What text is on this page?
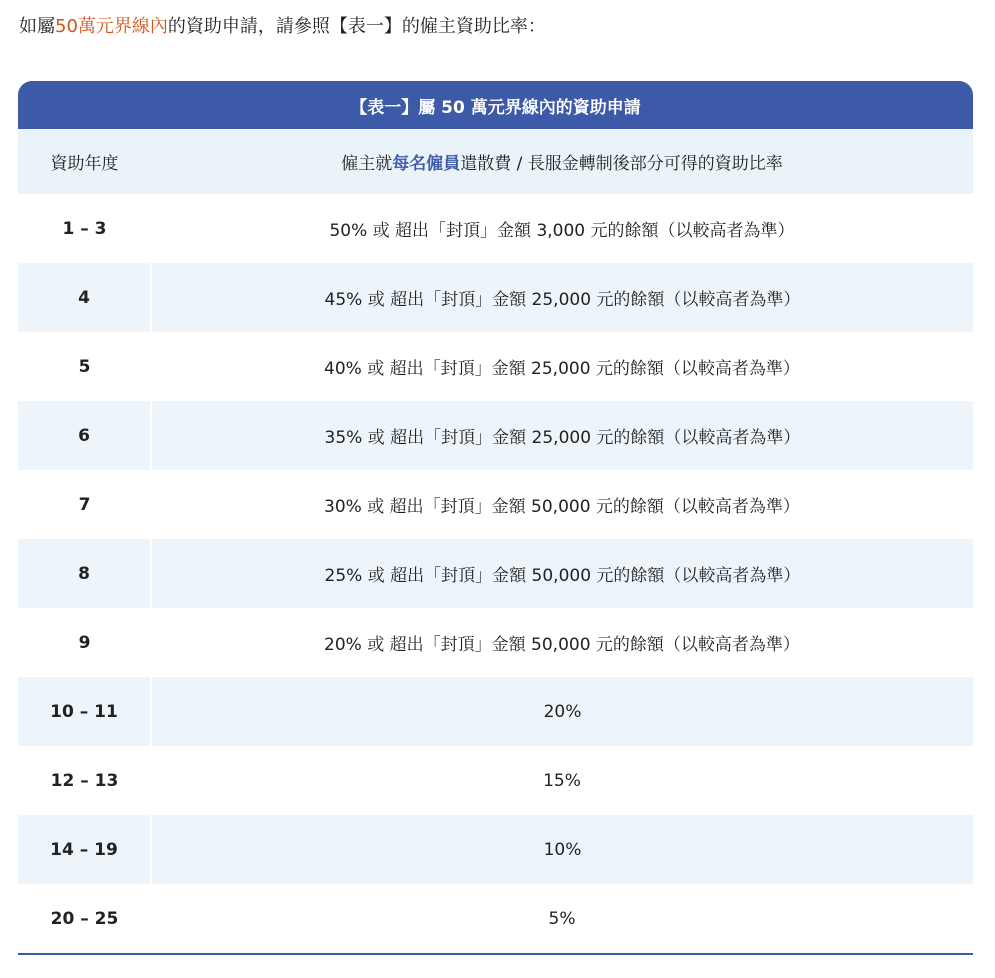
如屬50萬元界線內的資助申請，請參照【表一】的僱主資助比率：
【表一】屬 50 萬元界線內的資助申請	
資助年度	僱主就每名僱員遣散費 / 長服金轉制後部分可得的資助比率
1 – 3	50% 或 超出「封頂」金額 3,000 元的餘額（以較高者為準）
4	45% 或 超出「封頂」金額 25,000 元的餘額（以較高者為準）
5	40% 或 超出「封頂」金額 25,000 元的餘額（以較高者為準）
6	35% 或 超出「封頂」金額 25,000 元的餘額（以較高者為準）
7	30% 或 超出「封頂」金額 50,000 元的餘額（以較高者為準）
8	25% 或 超出「封頂」金額 50,000 元的餘額（以較高者為準）
9	20% 或 超出「封頂」金額 50,000 元的餘額（以較高者為準）
10 – 11	20%
12 – 13	15%
14 – 19	10%
20 – 25	5%
